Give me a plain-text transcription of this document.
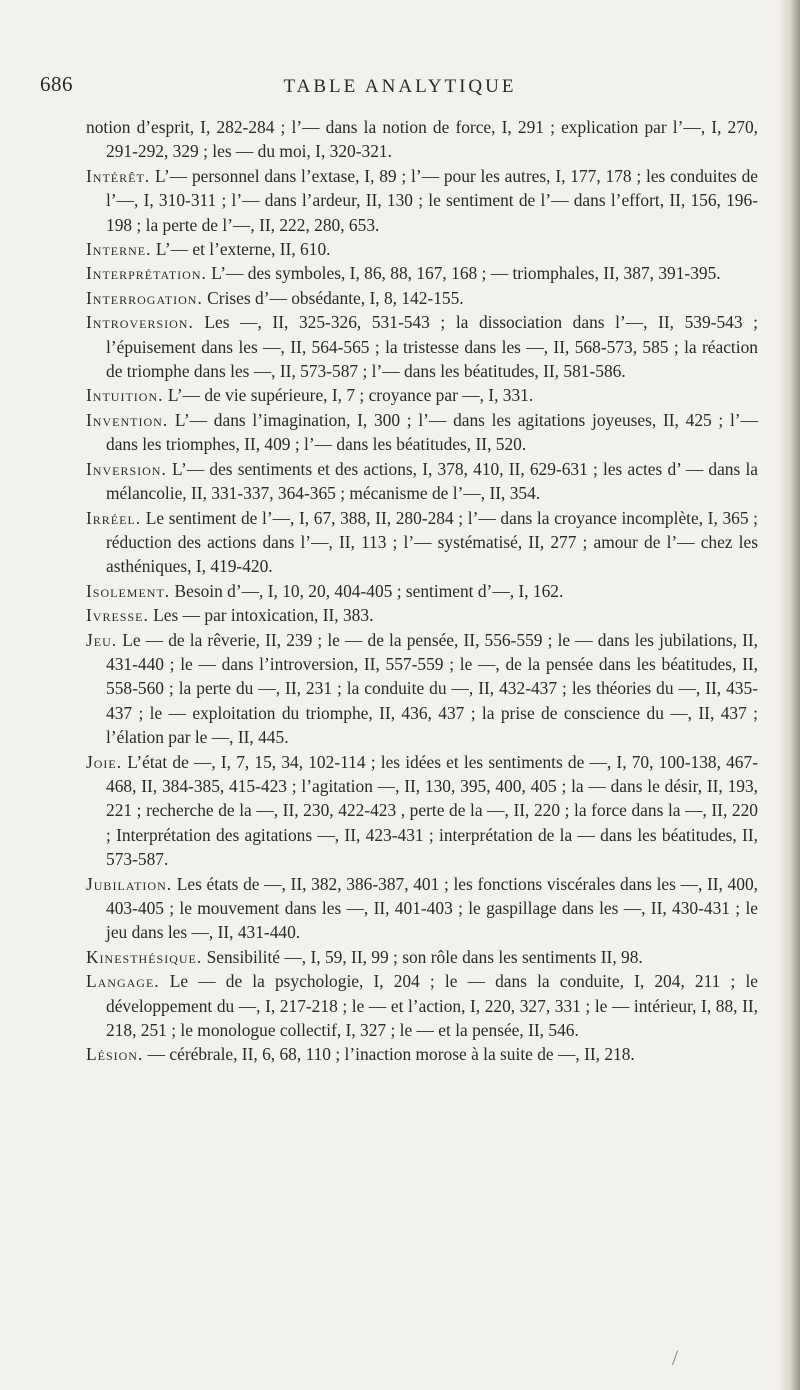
686	TABLE ANALYTIQUE

notion d’esprit, I, 282-284 ; l’— dans la notion de force, I, 291 ; explication par l’—, I, 270, 291-292, 329 ; les — du moi, I, 320-321.

Intérêt. L’— personnel dans l’extase, I, 89 ; l’— pour les autres, I, 177, 178 ; les conduites de l’—, I, 310-311 ; l’— dans l’ardeur, II, 130 ; le sentiment de l’— dans l’effort, II, 156, 196-198 ; la perte de l’—, II, 222, 280, 653.

Interne. L’— et l’externe, II, 610.

Interprétation. L’— des symboles, I, 86, 88, 167, 168 ; — triomphales, II, 387, 391-395.

Interrogation. Crises d’— obsédante, I, 8, 142-155.

Introversion. Les —, II, 325-326, 531-543 ; la dissociation dans l’—, II, 539-543 ; l’épuisement dans les —, II, 564-565 ; la tristesse dans les —, II, 568-573, 585 ; la réaction de triomphe dans les —, II, 573-587 ; l’— dans les béatitudes, II, 581-586.

Intuition. L’— de vie supérieure, I, 7 ; croyance par —, I, 331.

Invention. L’— dans l’imagination, I, 300 ; l’— dans les agitations joyeuses, II, 425 ; l’— dans les triomphes, II, 409 ; l’— dans les béatitudes, II, 520.

Inversion. L’— des sentiments et des actions, I, 378, 410, II, 629-631 ; les actes d’ — dans la mélancolie, II, 331-337, 364-365 ; mécanisme de l’—, II, 354.

Irréel. Le sentiment de l’—, I, 67, 388, II, 280-284 ; l’— dans la croyance incomplète, I, 365 ; réduction des actions dans l’—, II, 113 ; l’— systématisé, II, 277 ; amour de l’— chez les asthéniques, I, 419-420.

Isolement. Besoin d’—, I, 10, 20, 404-405 ; sentiment d’—, I, 162.

Ivresse. Les — par intoxication, II, 383.

Jeu. Le — de la rêverie, II, 239 ; le — de la pensée, II, 556-559 ; le — dans les jubilations, II, 431-440 ; le — dans l’introversion, II, 557-559 ; le —, de la pensée dans les béatitudes, II, 558-560 ; la perte du —, II, 231 ; la conduite du —, II, 432-437 ; les théories du —, II, 435-437 ; le — exploitation du triomphe, II, 436, 437 ; la prise de conscience du —, II, 437 ; l’élation par le —, II, 445.

Joie. L’état de —, I, 7, 15, 34, 102-114 ; les idées et les sentiments de —, I, 70, 100-138, 467-468, II, 384-385, 415-423 ; l’agitation —, II, 130, 395, 400, 405 ; la — dans le désir, II, 193, 221 ; recherche de la —, II, 230, 422-423 , perte de la —, II, 220 ; la force dans la —, II, 220 ; Interprétation des agitations —, II, 423-431 ; interprétation de la — dans les béatitudes, II, 573-587.

Jubilation. Les états de —, II, 382, 386-387, 401 ; les fonctions viscérales dans les —, II, 400, 403-405 ; le mouvement dans les —, II, 401-403 ; le gaspillage dans les —, II, 430-431 ; le jeu dans les —, II, 431-440.

Kinesthésique. Sensibilité —, I, 59, II, 99 ; son rôle dans les sentiments II, 98.

Langage. Le — de la psychologie, I, 204 ; le — dans la conduite, I, 204, 211 ; le développement du —, I, 217-218 ; le — et l’action, I, 220, 327, 331 ; le — intérieur, I, 88, II, 218, 251 ; le monologue collectif, I, 327 ; le — et la pensée, II, 546.

Lésion. — cérébrale, II, 6, 68, 110 ; l’inaction morose à la suite de —, II, 218.

/
